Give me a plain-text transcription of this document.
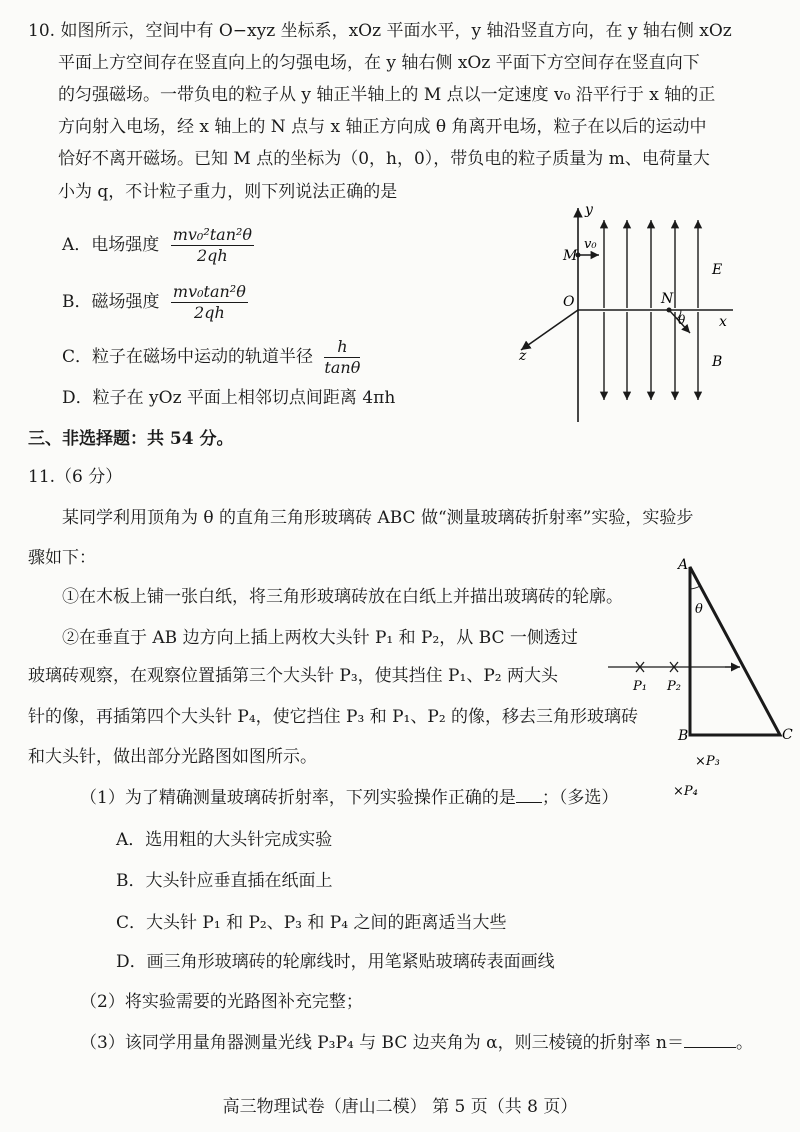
10. 如图所示，空间中有 O−xyz 坐标系，xOz 平面水平，y 轴沿竖直方向，在 y 轴右侧 xOz
平面上方空间存在竖直向上的匀强电场，在 y 轴右侧 xOz 平面下方空间存在竖直向下
的匀强磁场。一带负电的粒子从 y 轴正半轴上的 M 点以一定速度 v₀ 沿平行于 x 轴的正
方向射入电场，经 x 轴上的 N 点与 x 轴正方向成 θ 角离开电场，粒子在以后的运动中
恰好不离开磁场。已知 M 点的坐标为（0，h，0），带负电的粒子质量为 m、电荷量大
小为 q，不计粒子重力，则下列说法正确的是
A．电场强度 $\frac{\text{mv₀²tan²θ}}{2qh}$
B．磁场强度 $\frac{\text{mv₀tan²θ}}{2qh}$
C．粒子在磁场中运动的轨道半径 $\frac{h}{\tan\theta}$
D．粒子在 yOz 平面上相邻切点间距离 4πh
y
x
z
O
M
N
v₀
θ
E
B
三、非选择题：共 54 分。
11.（6 分）
某同学利用顶角为 θ 的直角三角形玻璃砖 ABC 做“测量玻璃砖折射率”实验，实验步
骤如下：
①在木板上铺一张白纸，将三角形玻璃砖放在白纸上并描出玻璃砖的轮廓。
②在垂直于 AB 边方向上插上两枚大头针 P₁ 和 P₂，从 BC 一侧透过
玻璃砖观察，在观察位置插第三个大头针 P₃，使其挡住 P₁、P₂ 两大头
针的像，再插第四个大头针 P₄，使它挡住 P₃ 和 P₁、P₂ 的像，移去三角形玻璃砖
和大头针，做出部分光路图如图所示。
（1）为了精确测量玻璃砖折射率，下列实验操作正确的是 ；（多选）
A．选用粗的大头针完成实验
B．大头针应垂直插在纸面上
C．大头针 P₁ 和 P₂、P₃ 和 P₄ 之间的距离适当大些
D．画三角形玻璃砖的轮廓线时，用笔紧贴玻璃砖表面画线
（2）将实验需要的光路图补充完整；
（3）该同学用量角器测量光线 P₃P₄ 与 BC 边夹角为 α，则三棱镜的折射率 n＝	。
A
B	C
θ
P₁ P₂
×P₃
×P₄
高三物理试卷（唐山二模） 第 5 页（共 8 页）
